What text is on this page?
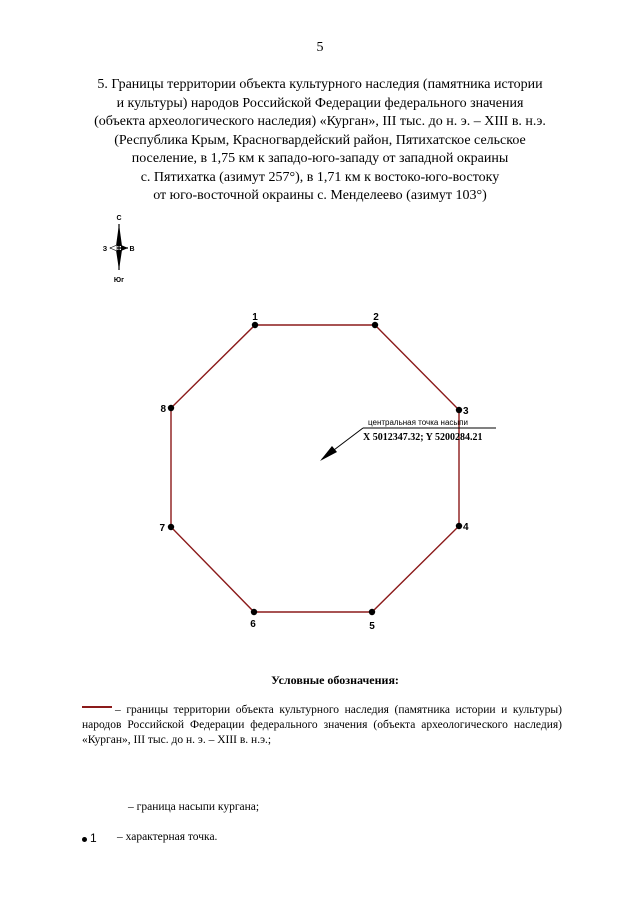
5
5. Границы территории объекта культурного наследия (памятника истории
и культуры) народов Российской Федерации федерального значения
(объекта археологического наследия) «Курган», III тыс. до н. э. – XIII в. н.э.
(Республика Крым, Красногвардейский район, Пятихатское сельское
поселение, в 1,75 км к западо-юго-западу от западной окраины
с. Пятихатка (азимут 257°), в 1,71 км к востоко-юго-востоку
от юго-восточной окраины с. Менделеево (азимут 103°)
С
З	В
Юг
1	2
3
4
5
6
7
8
центральная точка насыпи
X 5012347.32; Y 5200284.21
Условные обозначения:
– границы территории объекта культурного наследия (памятника истории и культуры) народов Российской Федерации федерального значения (объекта археологического наследия) «Курган», III тыс. до н. э. – XIII в. н.э.;
– граница насыпи кургана;
1 – характерная точка.
